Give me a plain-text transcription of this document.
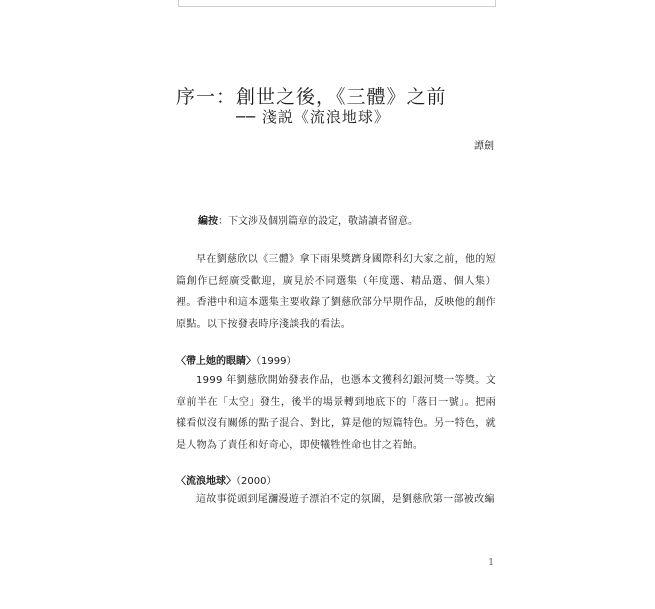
序一：創世之後，《三體》之前
── 淺説《流浪地球》
譚劍
編按：下文涉及個別篇章的設定，敬請讀者留意。

早在劉慈欣以《三體》拿下雨果獎躋身國際科幻大家之前，他的短篇創作已經廣受歡迎，廣見於不同選集（年度選、精品選、個人集）裡。香港中和這本選集主要收錄了劉慈欣部分早期作品，反映他的創作原點。以下按發表時序淺談我的看法。

〈帶上她的眼睛〉（1999）

1999 年劉慈欣開始發表作品，也憑本文獲科幻銀河獎一等獎。文章前半在「太空」發生，後半的場景轉到地底下的「落日一號」。把兩樣看似沒有關係的點子混合、對比，算是他的短篇特色。另一特色，就是人物為了責任和好奇心，即使犧牲性命也甘之若飴。

〈流浪地球〉（2000）

這故事從頭到尾瀰漫遊子漂泊不定的氛圍，是劉慈欣第一部被改編

1
